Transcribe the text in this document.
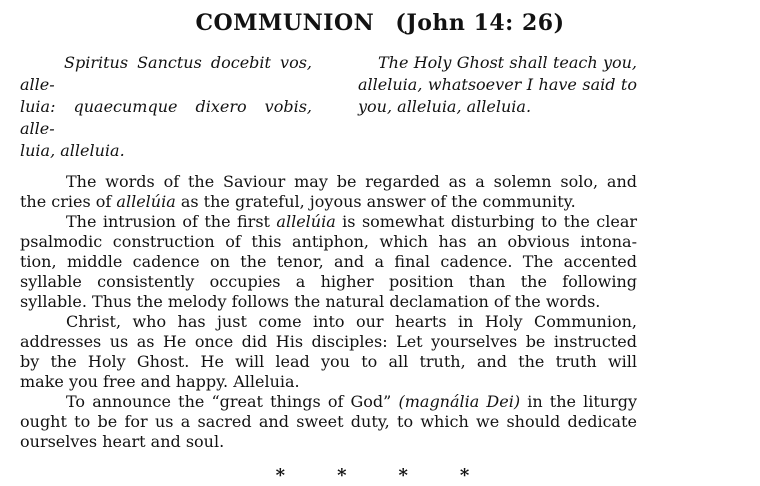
COMMUNION (John 14: 26)
Spiritus Sanctus docebit vos, alle-
luia: quaecumque dixero vobis, alle-
luia, alleluia.
The Holy Ghost shall teach you,
alleluia, whatsoever I have said to
you, alleluia, alleluia.
The words of the Saviour may be regarded as a solemn solo, and
the cries of allelúia as the grateful, joyous answer of the community.
The intrusion of the first allelúia is somewhat disturbing to the clear
psalmodic construction of this antiphon, which has an obvious intona-
tion, middle cadence on the tenor, and a final cadence. The accented
syllable consistently occupies a higher position than the following
syllable. Thus the melody follows the natural declamation of the words.
Christ, who has just come into our hearts in Holy Communion,
addresses us as He once did His disciples: Let yourselves be instructed
by the Holy Ghost. He will lead you to all truth, and the truth will
make you free and happy. Alleluia.
To announce the “great things of God” (magnália Dei) in the liturgy
ought to be for us a sacred and sweet duty, to which we should dedicate
ourselves heart and soul.
*	*	*	*
